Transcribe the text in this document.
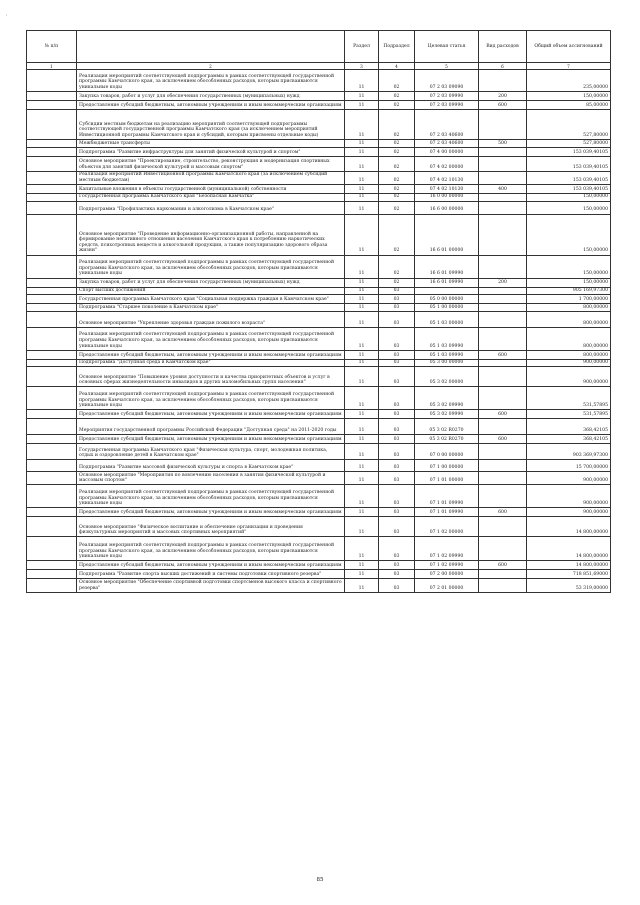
'
№ п/п		Раздел	Подраздел	Целевая статья	Вид расходов	Общий объем ассигнований
1	2	3	4	5	6	7
	Реализация мероприятий соответствующей подпрограммы в рамках соответствующей государственной программы Камчатского края, за исключением обособленных расходов, которым присваиваются уникальные коды	11	02	07 2 03 09090		235,00000
	Закупка товаров, работ и услуг для обеспечения государственных (муниципальных) нужд	11	02	07 2 03 09990	200	150,00000
	Предоставление субсидий бюджетным, автономным учреждениям и иным некоммерческим организациям	11	02	07 2 03 09990	600	85,00000
	Субсидии местным бюджетам на реализацию мероприятий соответствующей подпрограммы соответствующей государственной программы Камчатского края (за исключением мероприятий Инвестиционной программы Камчатского края и субсидий, которым присвоены отдельные коды)	11	02	07 2 03 40600		527,80000
	Межбюджетные трансферты	11	02	07 2 03 40600	500	527,80000
	Подпрограмма "Развитие инфраструктуры для занятий физической культурой и спортом"	11	02	07 4 00 00000		153 039,40105
	Основное мероприятие "Проектирование, строительство, реконструкция и модернизация спортивных объектов для занятий физической культурой и массовым спортом"	11	02	07 4 02 00000		153 039,40105
	Реализация мероприятий Инвестиционной программы Камчатского края (за исключением субсидий местным бюджетам)	11	02	07 4 02 10130		153 039,40105
	Капитальные вложения в объекты государственной (муниципальной) собственности	11	02	07 4 02 10130	400	153 039,40105
	Государственная программа Камчатского края "Безопасная Камчатка"	11	02	16 0 00 00000		150,00000
	Подпрограмма "Профилактика наркомании и алкоголизма в Камчатском крае"	11	02	16 6 00 00000		150,00000
	Основное мероприятие "Проведение информационно-организационной работы, направленной на формирование негативного отношения населения Камчатского края к потреблению наркотических средств, психотропных веществ и алкогольной продукции, а также популяризацию здорового образа жизни"	11	02	16 6 01 00000		150,00000
	Реализация мероприятий соответствующей подпрограммы в рамках соответствующей государственной программы Камчатского края, за исключением обособленных расходов, которым присваиваются уникальные коды	11	02	16 6 01 09990		150,00000
	Закупка товаров, работ и услуг для обеспечения государственных (муниципальных) нужд	11	02	16 6 01 09990	200	150,00000
	Спорт высших достижений	11	03			905 169,97300
	Государственная программа Камчатского края "Социальная поддержка граждан в Камчатском крае"	11	03	05 0 00 00000		1 700,00000
	Подпрограмма "Старшее поколение в Камчатском крае"	11	03	05 1 00 00000		800,00000
	Основное мероприятие "Укрепление здоровья граждан пожилого возраста"	11	03	05 1 03 00000		800,00000
	Реализация мероприятий соответствующей подпрограммы в рамках соответствующей государственной программы Камчатского края, за исключением обособленных расходов, которым присваиваются уникальные коды	11	03	05 1 03 09990		800,00000
	Предоставление субсидий бюджетным, автономным учреждениям и иным некоммерческим организациям	11	03	05 1 03 09990	600	800,00000
	Подпрограмма "Доступная среда в Камчатском крае"	11	03	05 3 00 00000		900,00000
	Основное мероприятие "Повышение уровня доступности и качества приоритетных объектов и услуг в основных сферах жизнедеятельности инвалидов и других маломобильных групп населения"	11	03	05 3 02 00000		900,00000
	Реализация мероприятий соответствующей подпрограммы в рамках соответствующей государственной программы Камчатского края, за исключением обособленных расходов, которым присваиваются уникальные коды	11	03	05 3 02 09990		531,57895
	Предоставление субсидий бюджетным, автономным учреждениям и иным некоммерческим организациям	11	03	05 3 02 09990	600	531,57895
	Мероприятия государственной программы Российской Федерации "Доступная среда" на 2011-2020 годы	11	03	05 3 02 R0270		368,42105
	Предоставление субсидий бюджетным, автономным учреждениям и иным некоммерческим организациям	11	03	05 3 02 R0270	600	368,42105
	Государственная программа Камчатского края "Физическая культура, спорт, молодежная политика, отдых и оздоровление детей в Камчатском крае"	11	03	07 0 00 00000		903 369,97300
	Подпрограмма "Развитие массовой физической культуры и спорта в Камчатском крае"	11	03	07 1 00 00000		15 700,00000
	Основное мероприятие "Мероприятия по вовлечению населения в занятия физической культурой и массовым спортом"	11	03	07 1 01 00000		900,00000
	Реализация мероприятий соответствующей подпрограммы в рамках соответствующей государственной программы Камчатского края, за исключением обособленных расходов, которым присваиваются уникальные коды	11	03	07 1 01 09990		900,00000
	Предоставление субсидий бюджетным, автономным учреждениям и иным некоммерческим организациям	11	03	07 1 01 09990	600	900,00000
	Основное мероприятие "Физическое воспитание и обеспечение организации и проведения физкультурных мероприятий и массовых спортивных мероприятий"	11	03	07 1 02 00000		14 800,00000
	Реализация мероприятий соответствующей подпрограммы в рамках соответствующей государственной программы Камчатского края, за исключением обособленных расходов, которым присваиваются уникальные коды	11	03	07 1 02 09990		14 800,00000
	Предоставление субсидий бюджетным, автономным учреждениям и иным некоммерческим организациям	11	03	07 1 02 09990	600	14 800,00000
	Подпрограмма "Развитие спорта высших достижений и системы подготовки спортивного резерва"	11	03	07 2 00 00000		718 851,69000
	Основное мероприятие "Обеспечение спортивной подготовки спортсменов высокого класса и спортивного резерва"	11	03	07 2 01 00000		53 319,00000
85
